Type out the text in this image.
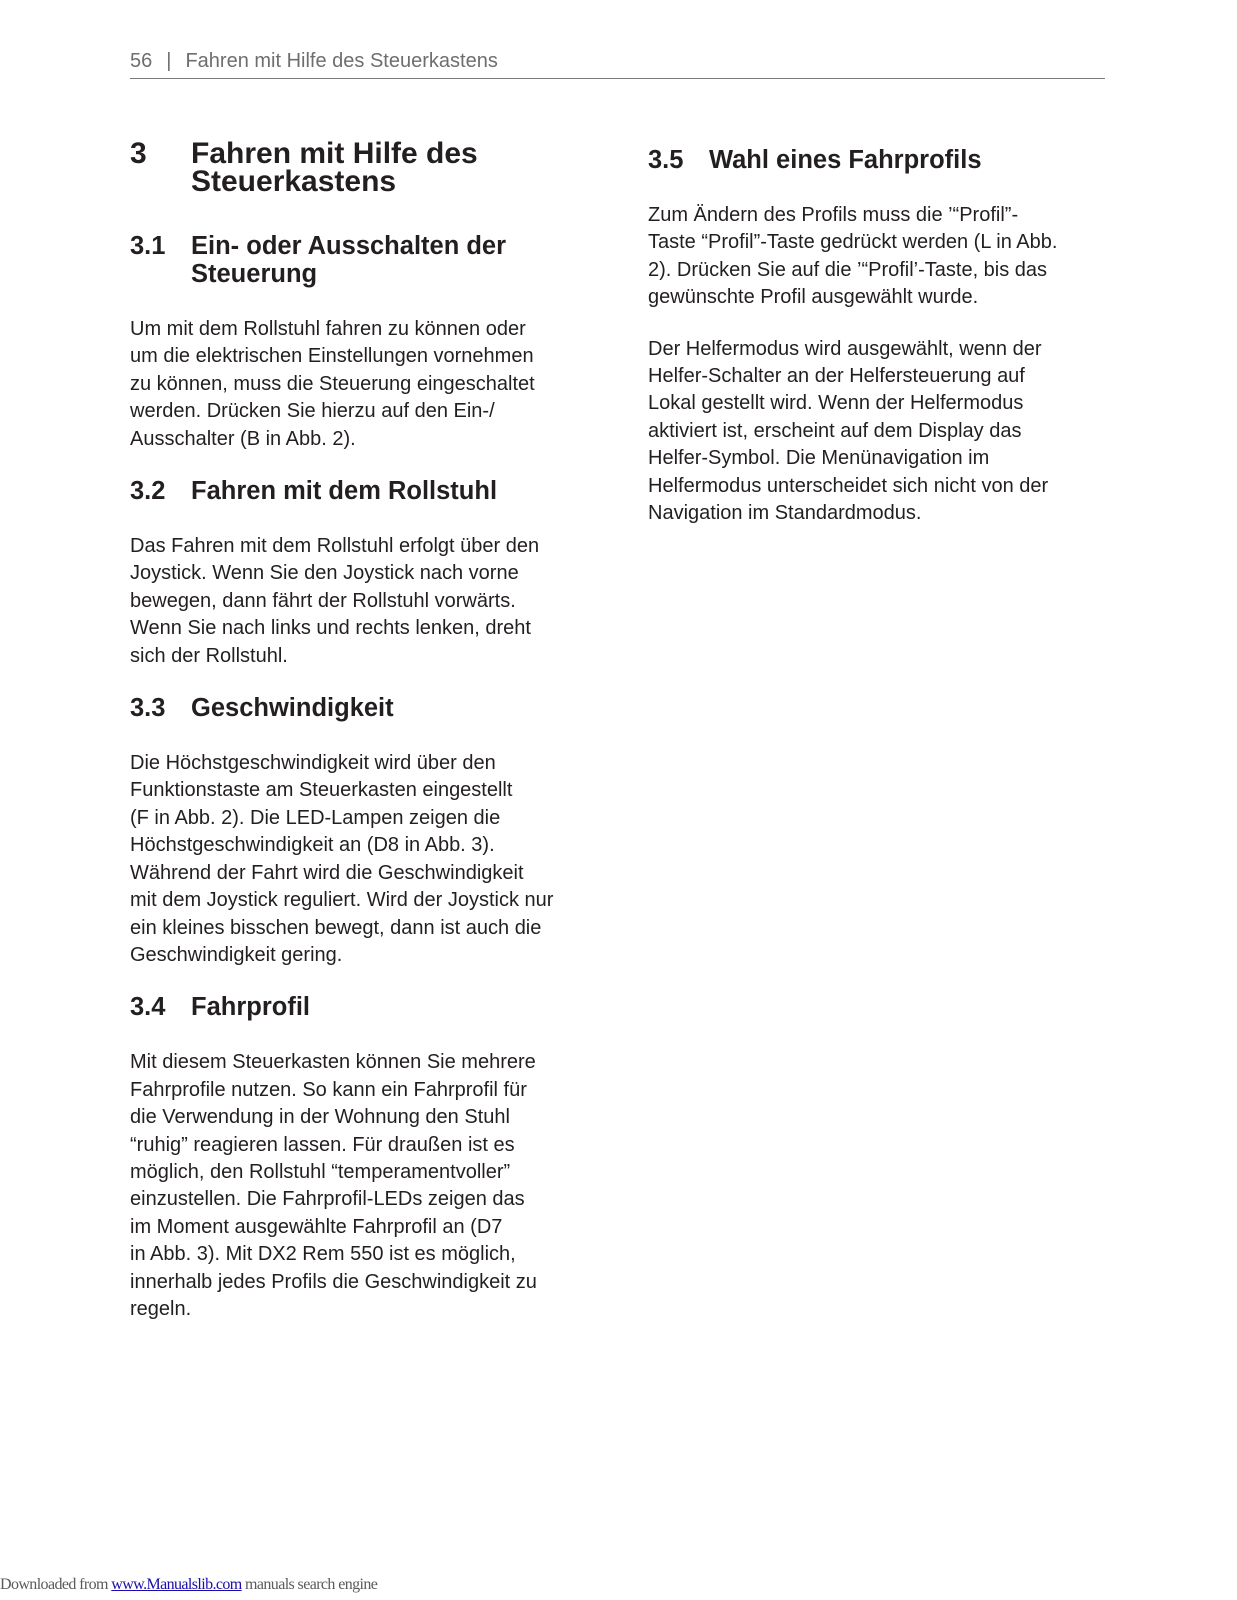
56 | Fahren mit Hilfe des Steuerkastens
3	Fahren mit Hilfe des
Steuerkastens
3.1	Ein- oder Ausschalten der
Steuerung
Um mit dem Rollstuhl fahren zu können oder
um die elektrischen Einstellungen vornehmen
zu können, muss die Steuerung eingeschaltet
werden. Drücken Sie hierzu auf den Ein-/
Ausschalter (B in Abb. 2).
3.2	Fahren mit dem Rollstuhl
Das Fahren mit dem Rollstuhl erfolgt über den
Joystick. Wenn Sie den Joystick nach vorne
bewegen, dann fährt der Rollstuhl vorwärts.
Wenn Sie nach links und rechts lenken, dreht
sich der Rollstuhl.
3.3	Geschwindigkeit
Die Höchstgeschwindigkeit wird über den
Funktionstaste am Steuerkasten eingestellt
(F in Abb. 2). Die LED-Lampen zeigen die
Höchstgeschwindigkeit an (D8 in Abb. 3).
Während der Fahrt wird die Geschwindigkeit
mit dem Joystick reguliert. Wird der Joystick nur
ein kleines bisschen bewegt, dann ist auch die
Geschwindigkeit gering.
3.4	Fahrprofil
Mit diesem Steuerkasten können Sie mehrere
Fahrprofile nutzen. So kann ein Fahrprofil für
die Verwendung in der Wohnung den Stuhl
“ruhig” reagieren lassen. Für draußen ist es
möglich, den Rollstuhl “temperamentvoller”
einzustellen. Die Fahrprofil-LEDs zeigen das
im Moment ausgewählte Fahrprofil an (D7
in Abb. 3). Mit DX2 Rem 550 ist es möglich,
innerhalb jedes Profils die Geschwindigkeit zu
regeln.
3.5	Wahl eines Fahrprofils
Zum Ändern des Profils muss die ’“Profil”-
Taste “Profil”-Taste gedrückt werden (L in Abb.
2). Drücken Sie auf die ’“Profil’-Taste, bis das
gewünschte Profil ausgewählt wurde.
Der Helfermodus wird ausgewählt, wenn der
Helfer-Schalter an der Helfersteuerung auf
Lokal gestellt wird. Wenn der Helfermodus
aktiviert ist, erscheint auf dem Display das
Helfer-Symbol. Die Menünavigation im
Helfermodus unterscheidet sich nicht von der
Navigation im Standardmodus.
Downloaded from www.Manualslib.com manuals search engine
